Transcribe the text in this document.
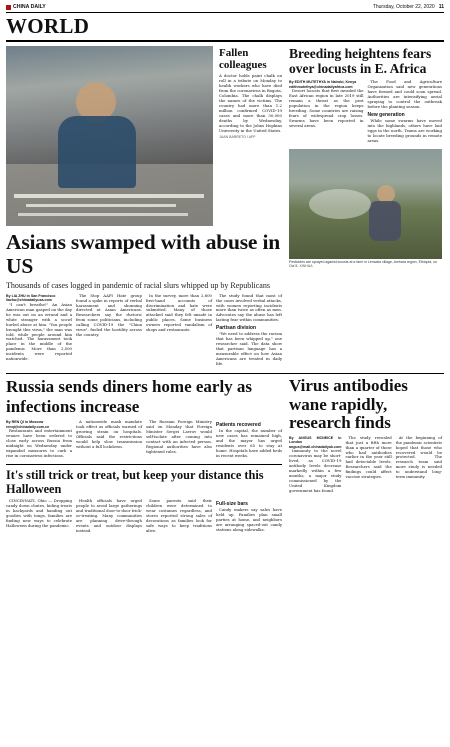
CHINA DAILY	Thursday, October 22, 2020 11
WORLD
Fallen colleagues
A doctor holds paint chalk on roll in a tribute on Monday to health workers who have died from the coronavirus in Bogota, Colombia. The chalk displays the names of the victims. The country had more than 1.2 million confirmed COVID-19 cases and more than 30,000 deaths by Wednesday, according to the Johns Hopkins University in the United States.
JUAN BARRETO / AFP
Asians swamped with abuse in US
Thousands of cases logged in pandemic of racial slurs whipped up by Republicans
By LIA ZHU in San Francisco
liazhu@chinadailyusa.com

"I can't breathe!" An Asian American man gasped on the day he was out on an errand and a white stranger with a scowl hurled abuse at him. "You people brought this virus," the man was told, while people around him watched. The harassment took place in the middle of the pandemic. More than 2,500 incidents were reported nationwide.

The Stop AAPI Hate group found a spike in reports of verbal harassment and shunning directed at Asian Americans. Researchers say the rhetoric from some politicians, including calling COVID-19 the "China virus", fueled the hostility across the country.

In the survey, more than 2,800 first-hand accounts of discrimination and hate were submitted. Many of those attacked said they felt unsafe in public places. Some business owners reported vandalism of shops and restaurants.

The study found that most of the cases involved verbal attacks, with women reporting incidents more than twice as often as men. Advocates say the abuse has left lasting fear within communities.

Partisan division

"We need to address the racism that has been whipped up," one researcher said. The data show that partisan language has a measurable effect on how Asian Americans are treated in daily life.

Breeding heightens fears over locusts in E. Africa
By EDITH MUTETHYA in Nairobi, Kenya
edithmutethya@chinadailyafrica.com

Desert locusts that first invaded the East African region in late 2019 still remain a threat as the pest population in the region keeps breeding. Some countries are raising fears of widespread crop losses. Swarms have been reported in several areas.

The Food and Agriculture Organization said new generations have formed and could soon spread. Authorities are intensifying aerial spraying to control the outbreak before the planting season.

New generation

While some swarms have moved into the highlands, others have laid eggs in the north. Teams are working to locate breeding grounds in remote areas.

Pesticides are sprayed against locusts at a farm in Lenwala village, Amhara region, Ethiopia, on Oct 5. XINHUA
Russia sends diners home early as infections increase
By REN QI in Moscow
renqi@chinadaily.com.cn

Restaurants and entertainment venues have been ordered to close early across Russia from midnight on Wednesday under expanded measures to curb a rise in coronavirus infections.

A nationwide mask mandate took effect as officials warned of growing strain on hospitals. Officials said the restrictions would help slow transmission without a full lockdown.

The Russian Foreign Ministry said on Monday that Foreign Minister Sergei Lavrov would self-isolate after coming into contact with an infected person. Regional authorities have also tightened rules.

Patients recovered

In the capital, the number of new cases has remained high, and the mayor has urged residents over 65 to stay at home. Hospitals have added beds in recent weeks.

It's still trick or treat, but keep your distance this Halloween

CINCINNATI, Ohio — Dropping candy down chutes, hiding treats in backyards and handing out goodies with tongs, families are finding new ways to celebrate Halloween during the pandemic.

Health officials have urged people to avoid large gatherings and traditional door-to-door trick-or-treating. Many communities are planning drive-through events and outdoor displays instead.

Some parents said their children were determined to wear costumes regardless, and stores reported strong sales of decorations as families look for safe ways to keep traditions alive.

Full-size bars

Candy makers say sales have held up. Families plan small parties at home, and neighbors are arranging spaced-out candy stations along sidewalks.

Virus antibodies wane rapidly, research finds
By ANGUS MCNEICE in London
angus@mail.chinadailyuk.com

Immunity to the novel coronavirus may be short-lived, as COVID-19 antibody levels decrease markedly within a few months, a major study commissioned by the United Kingdom government has found.

The study revealed that just a fifth more than a quarter of those who had antibodies earlier in the year still had detectable levels. Researchers said the findings could affect vaccine strategies.

At the beginning of the pandemic scientists hoped that those who recovered would be protected. The research team said more study is needed to understand long-term immunity.
